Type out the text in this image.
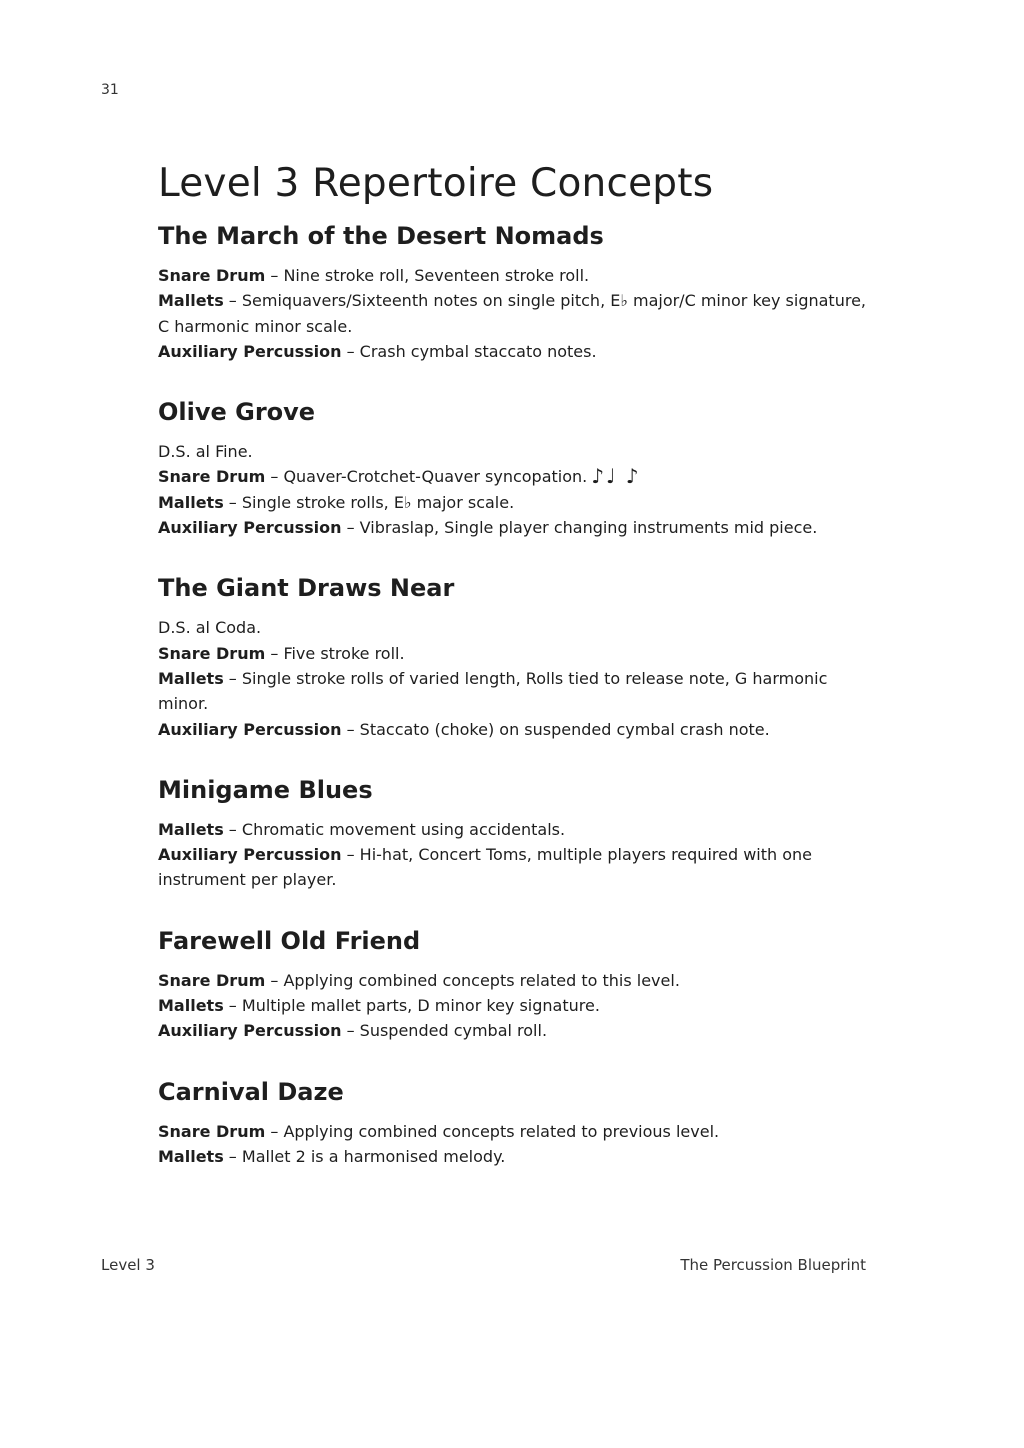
31
Level 3 Repertoire Concepts
The March of the Desert Nomads
Snare Drum – Nine stroke roll, Seventeen stroke roll.
Mallets – Semiquavers/Sixteenth notes on single pitch, E♭ major/C minor key signature, C harmonic minor scale.
Auxiliary Percussion – Crash cymbal staccato notes.
Olive Grove
D.S. al Fine.
Snare Drum – Quaver-Crotchet-Quaver syncopation. ♪♩ ♪
Mallets – Single stroke rolls, E♭ major scale.
Auxiliary Percussion – Vibraslap, Single player changing instruments mid piece.
The Giant Draws Near
D.S. al Coda.
Snare Drum – Five stroke roll.
Mallets – Single stroke rolls of varied length, Rolls tied to release note, G harmonic minor.
Auxiliary Percussion – Staccato (choke) on suspended cymbal crash note.
Minigame Blues
Mallets – Chromatic movement using accidentals.
Auxiliary Percussion – Hi-hat, Concert Toms, multiple players required with one instrument per player.
Farewell Old Friend
Snare Drum – Applying combined concepts related to this level.
Mallets – Multiple mallet parts, D minor key signature.
Auxiliary Percussion – Suspended cymbal roll.
Carnival Daze
Snare Drum – Applying combined concepts related to previous level.
Mallets – Mallet 2 is a harmonised melody.
Level 3	The Percussion Blueprint
